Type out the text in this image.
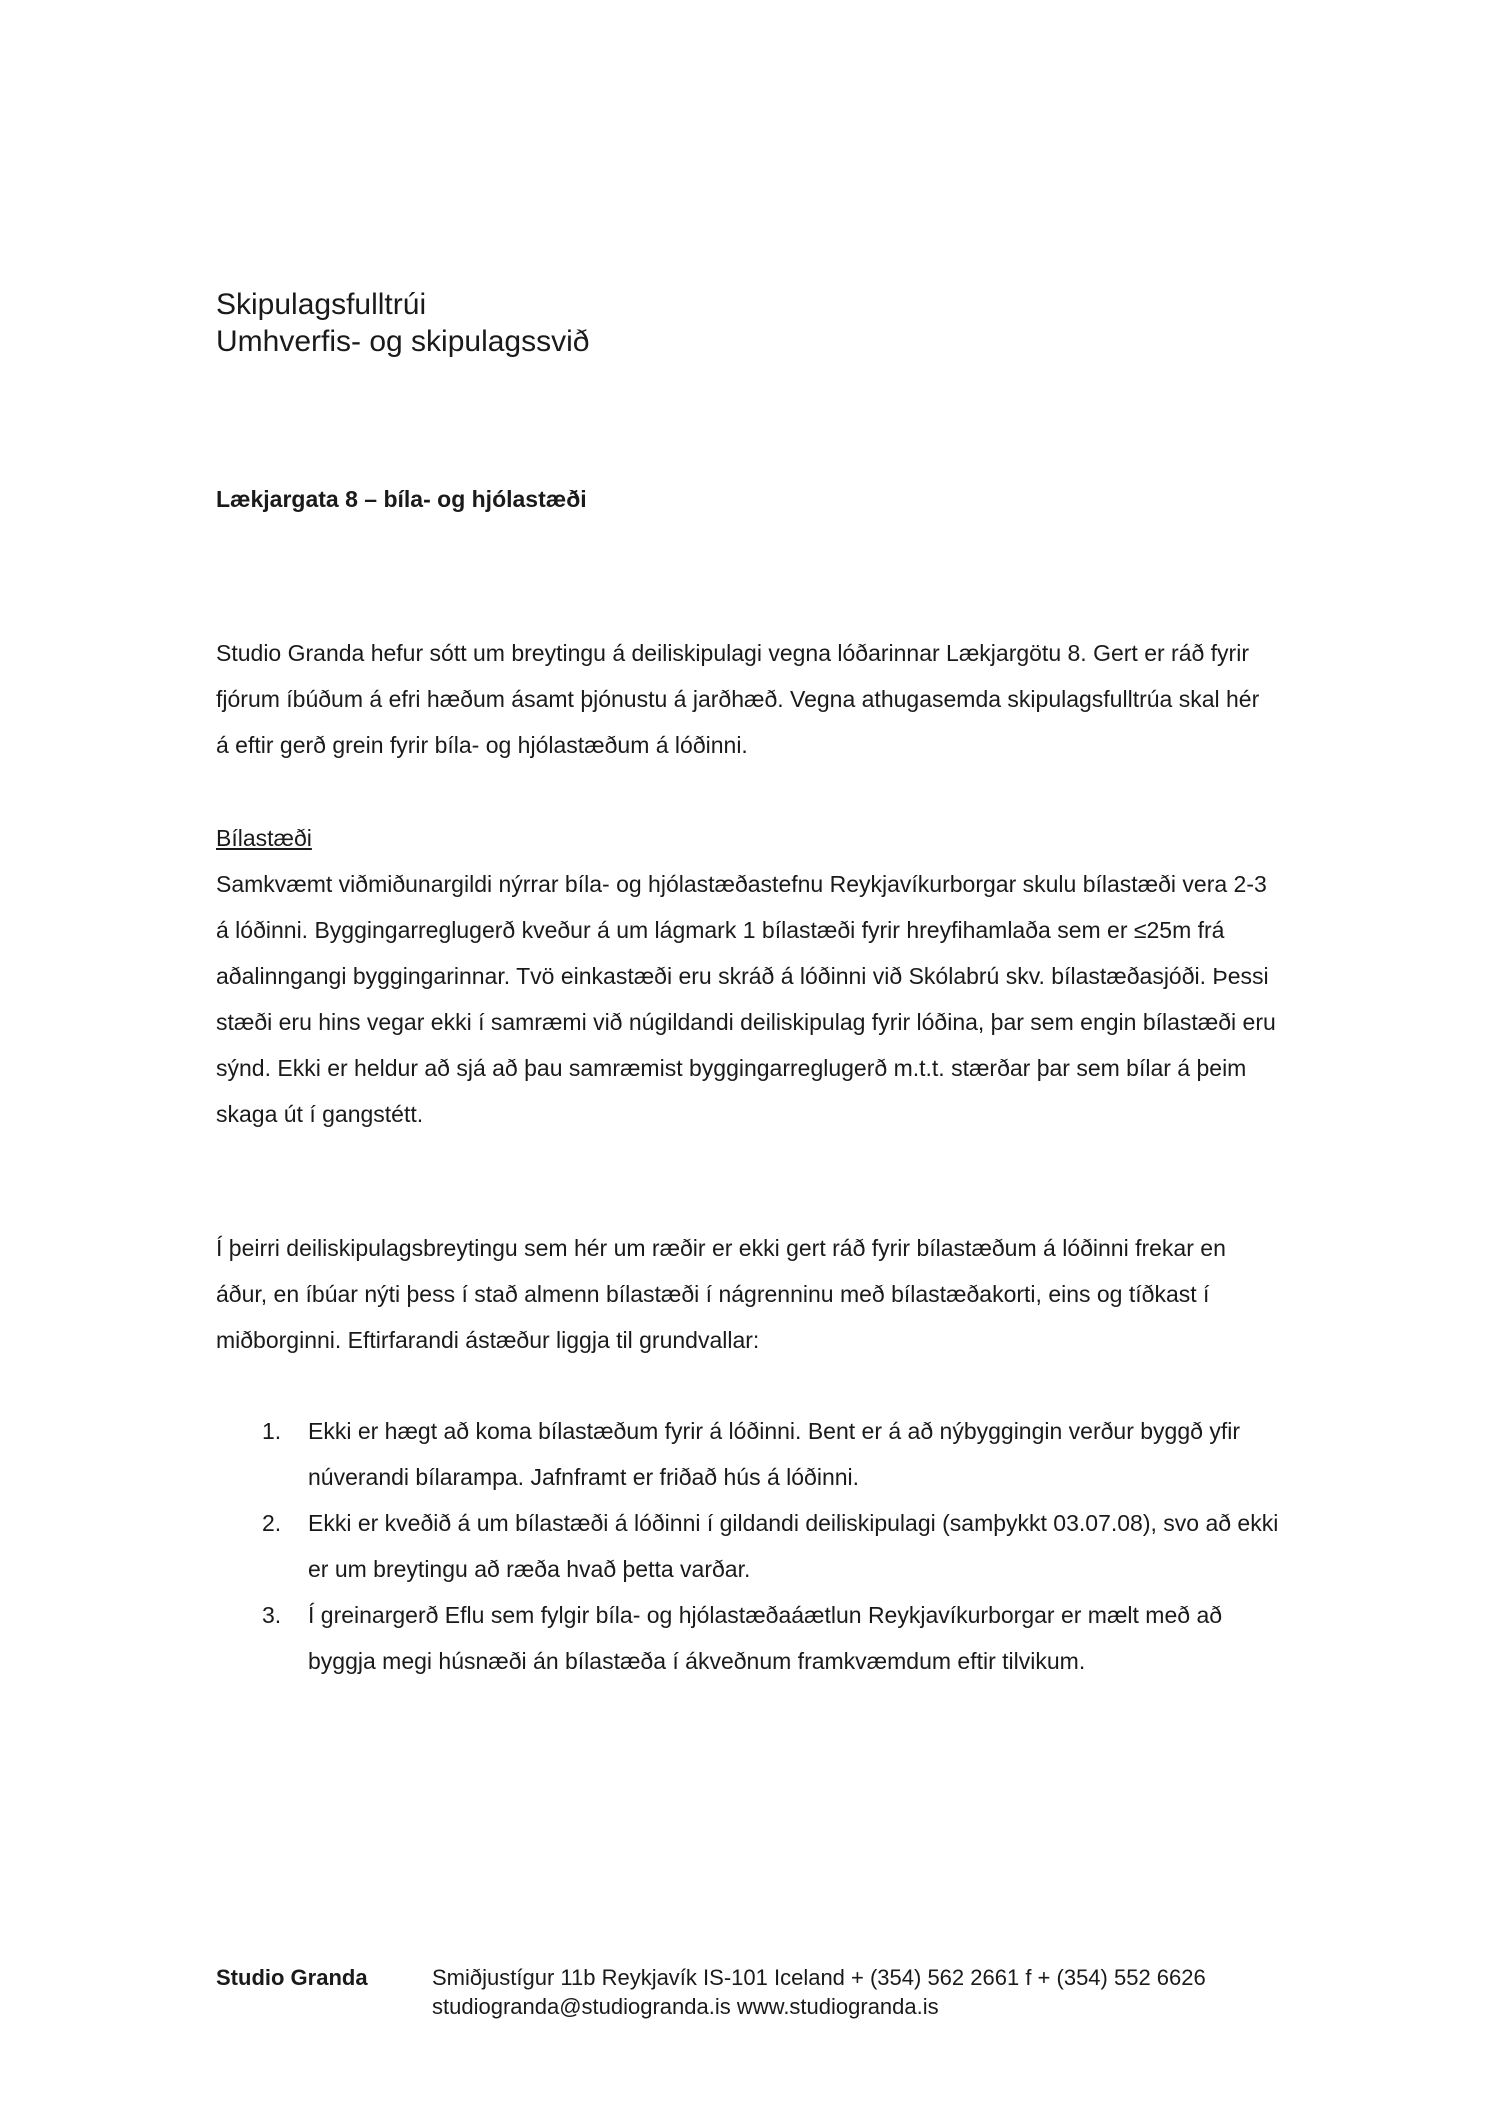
Skipulagsfulltrúi
Umhverfis- og skipulagssvið
Lækjargata 8 – bíla- og hjólastæði
Studio Granda hefur sótt um breytingu á deiliskipulagi vegna lóðarinnar Lækjargötu 8. Gert er ráð fyrir fjórum íbúðum á efri hæðum ásamt þjónustu á jarðhæð. Vegna athugasemda skipulagsfulltrúa skal hér á eftir gerð grein fyrir bíla- og hjólastæðum á lóðinni.
Bílastæði
Samkvæmt viðmiðunargildi nýrrar bíla- og hjólastæðastefnu Reykjavíkurborgar skulu bílastæði vera 2-3 á lóðinni. Byggingarreglugerð kveður á um lágmark 1 bílastæði fyrir hreyfihamlaða sem er ≤25m frá aðalinngangi byggingarinnar. Tvö einkastæði eru skráð á lóðinni við Skólabrú skv. bílastæðasjóði. Þessi stæði eru hins vegar ekki í samræmi við núgildandi deiliskipulag fyrir lóðina, þar sem engin bílastæði eru sýnd. Ekki er heldur að sjá að þau samræmist byggingarreglugerð m.t.t. stærðar þar sem bílar á þeim skaga út í gangstétt.
Í þeirri deiliskipulagsbreytingu sem hér um ræðir er ekki gert ráð fyrir bílastæðum á lóðinni frekar en áður, en íbúar nýti þess í stað almenn bílastæði í nágrenninu með bílastæðakorti, eins og tíðkast í miðborginni. Eftirfarandi ástæður liggja til grundvallar:
1. Ekki er hægt að koma bílastæðum fyrir á lóðinni. Bent er á að nýbyggingin verður byggð yfir núverandi bílarampa. Jafnframt er friðað hús á lóðinni.
2. Ekki er kveðið á um bílastæði á lóðinni í gildandi deiliskipulagi (samþykkt 03.07.08), svo að ekki er um breytingu að ræða hvað þetta varðar.
3. Í greinargerð Eflu sem fylgir bíla- og hjólastæðaáætlun Reykjavíkurborgar er mælt með að byggja megi húsnæði án bílastæða í ákveðnum framkvæmdum eftir tilvikum.
Studio Granda	Smiðjustígur 11b Reykjavík IS-101 Iceland + (354) 562 2661 f + (354) 552 6626
studiogranda@studiogranda.is www.studiogranda.is
